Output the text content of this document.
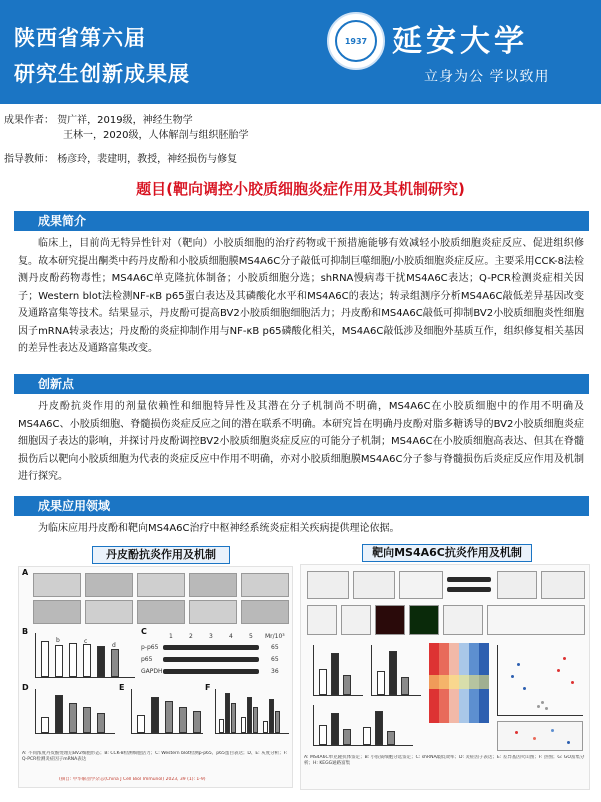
陕西省第六届
研究生创新成果展
1937 延安大学
立身为公 学以致用
成果作者： 贺广祥，2019级，神经生物学
王林一，2020级，人体解剖与组织胚胎学
指导教师： 杨彦玲，裴建明，教授，神经损伤与修复
题目(靶向调控小胶质细胞炎症作用及其机制研究)
成果简介
临床上，目前尚无特异性针对（靶向）小胶质细胞的治疗药物或干预措施能够有效减轻小胶质细胞炎症反应、促进组织修复。故本研究提出酮类中药丹皮酚和小胶质细胞膜MS4A6C分子敲低可抑制巨噬细胞/小胶质细胞炎症反应。主要采用CCK-8法检测丹皮酚药物毒性；MS4A6C单克隆抗体制备；小胶质细胞分选；shRNA慢病毒干扰MS4A6C表达；Q-PCR检测炎症相关因子；Western blot法检测NF-κB p65蛋白表达及其磷酸化水平和MS4A6C的表达；转录组测序分析MS4A6C敲低差异基因改变及通路富集等技术。结果显示，丹皮酚可提高BV2小胶质细胞细胞活力；丹皮酚和MS4A6C敲低可抑制BV2小胶质细胞炎性细胞因子mRNA转录表达；丹皮酚的炎症抑制作用与NF-κB p65磷酸化相关，MS4A6C敲低涉及细胞外基质互作，组织修复相关基因的差异性表达及通路富集改变。
创新点
丹皮酚抗炎作用的剂量依赖性和细胞特异性及其潜在分子机制尚不明确，MS4A6C在小胶质细胞中的作用不明确及MS4A6C、小胶质细胞、脊髓损伤炎症反应之间的潜在联系不明确。本研究旨在明确丹皮酚对脂多糖诱导的BV2小胶质细胞炎症细胞因子表达的影响，并探讨丹皮酚调控BV2小胶质细胞炎症反应的可能分子机制；MS4A6C在小胶质细胞高表达、但其在脊髓损伤后以靶向小胶质细胞为代表的炎症反应中作用不明确，亦对小胶质细胞膜MS4A6C分子参与脊髓损伤后炎症反应作用及机制进行探究。
成果应用领域
为临床应用丹皮酚和靶向MS4A6C治疗中枢神经系统炎症相关疾病提供理论依据。
丹皮酚抗炎作用及机制	靶向MS4A6C抗炎作用及机制
A
B
b	c
d
C
1	2	3	4	5 Mr/10³
p-p65
p65
GAPDH
65
65
36
D	E	F
A: 不同浓度丹皮酚处理后BV2细胞形态；B: CCK-8检测细胞活力；C: Western blot检测p-p65、p65蛋白表达；D、E: 灰度分析；F: Q-PCR检测炎症因子mRNA表达
(摘自: 中华解剖学杂志(China J Cell Biol Immunol) 2023, 39 (1): 1-9)
A: MS4A6C单克隆抗体鉴定；B: 小胶质细胞分选鉴定；C: shRNA敲低效率；D: 炎症因子表达；E: 差异基因火山图；F: 热图；G: GO富集分析；H: KEGG通路富集
